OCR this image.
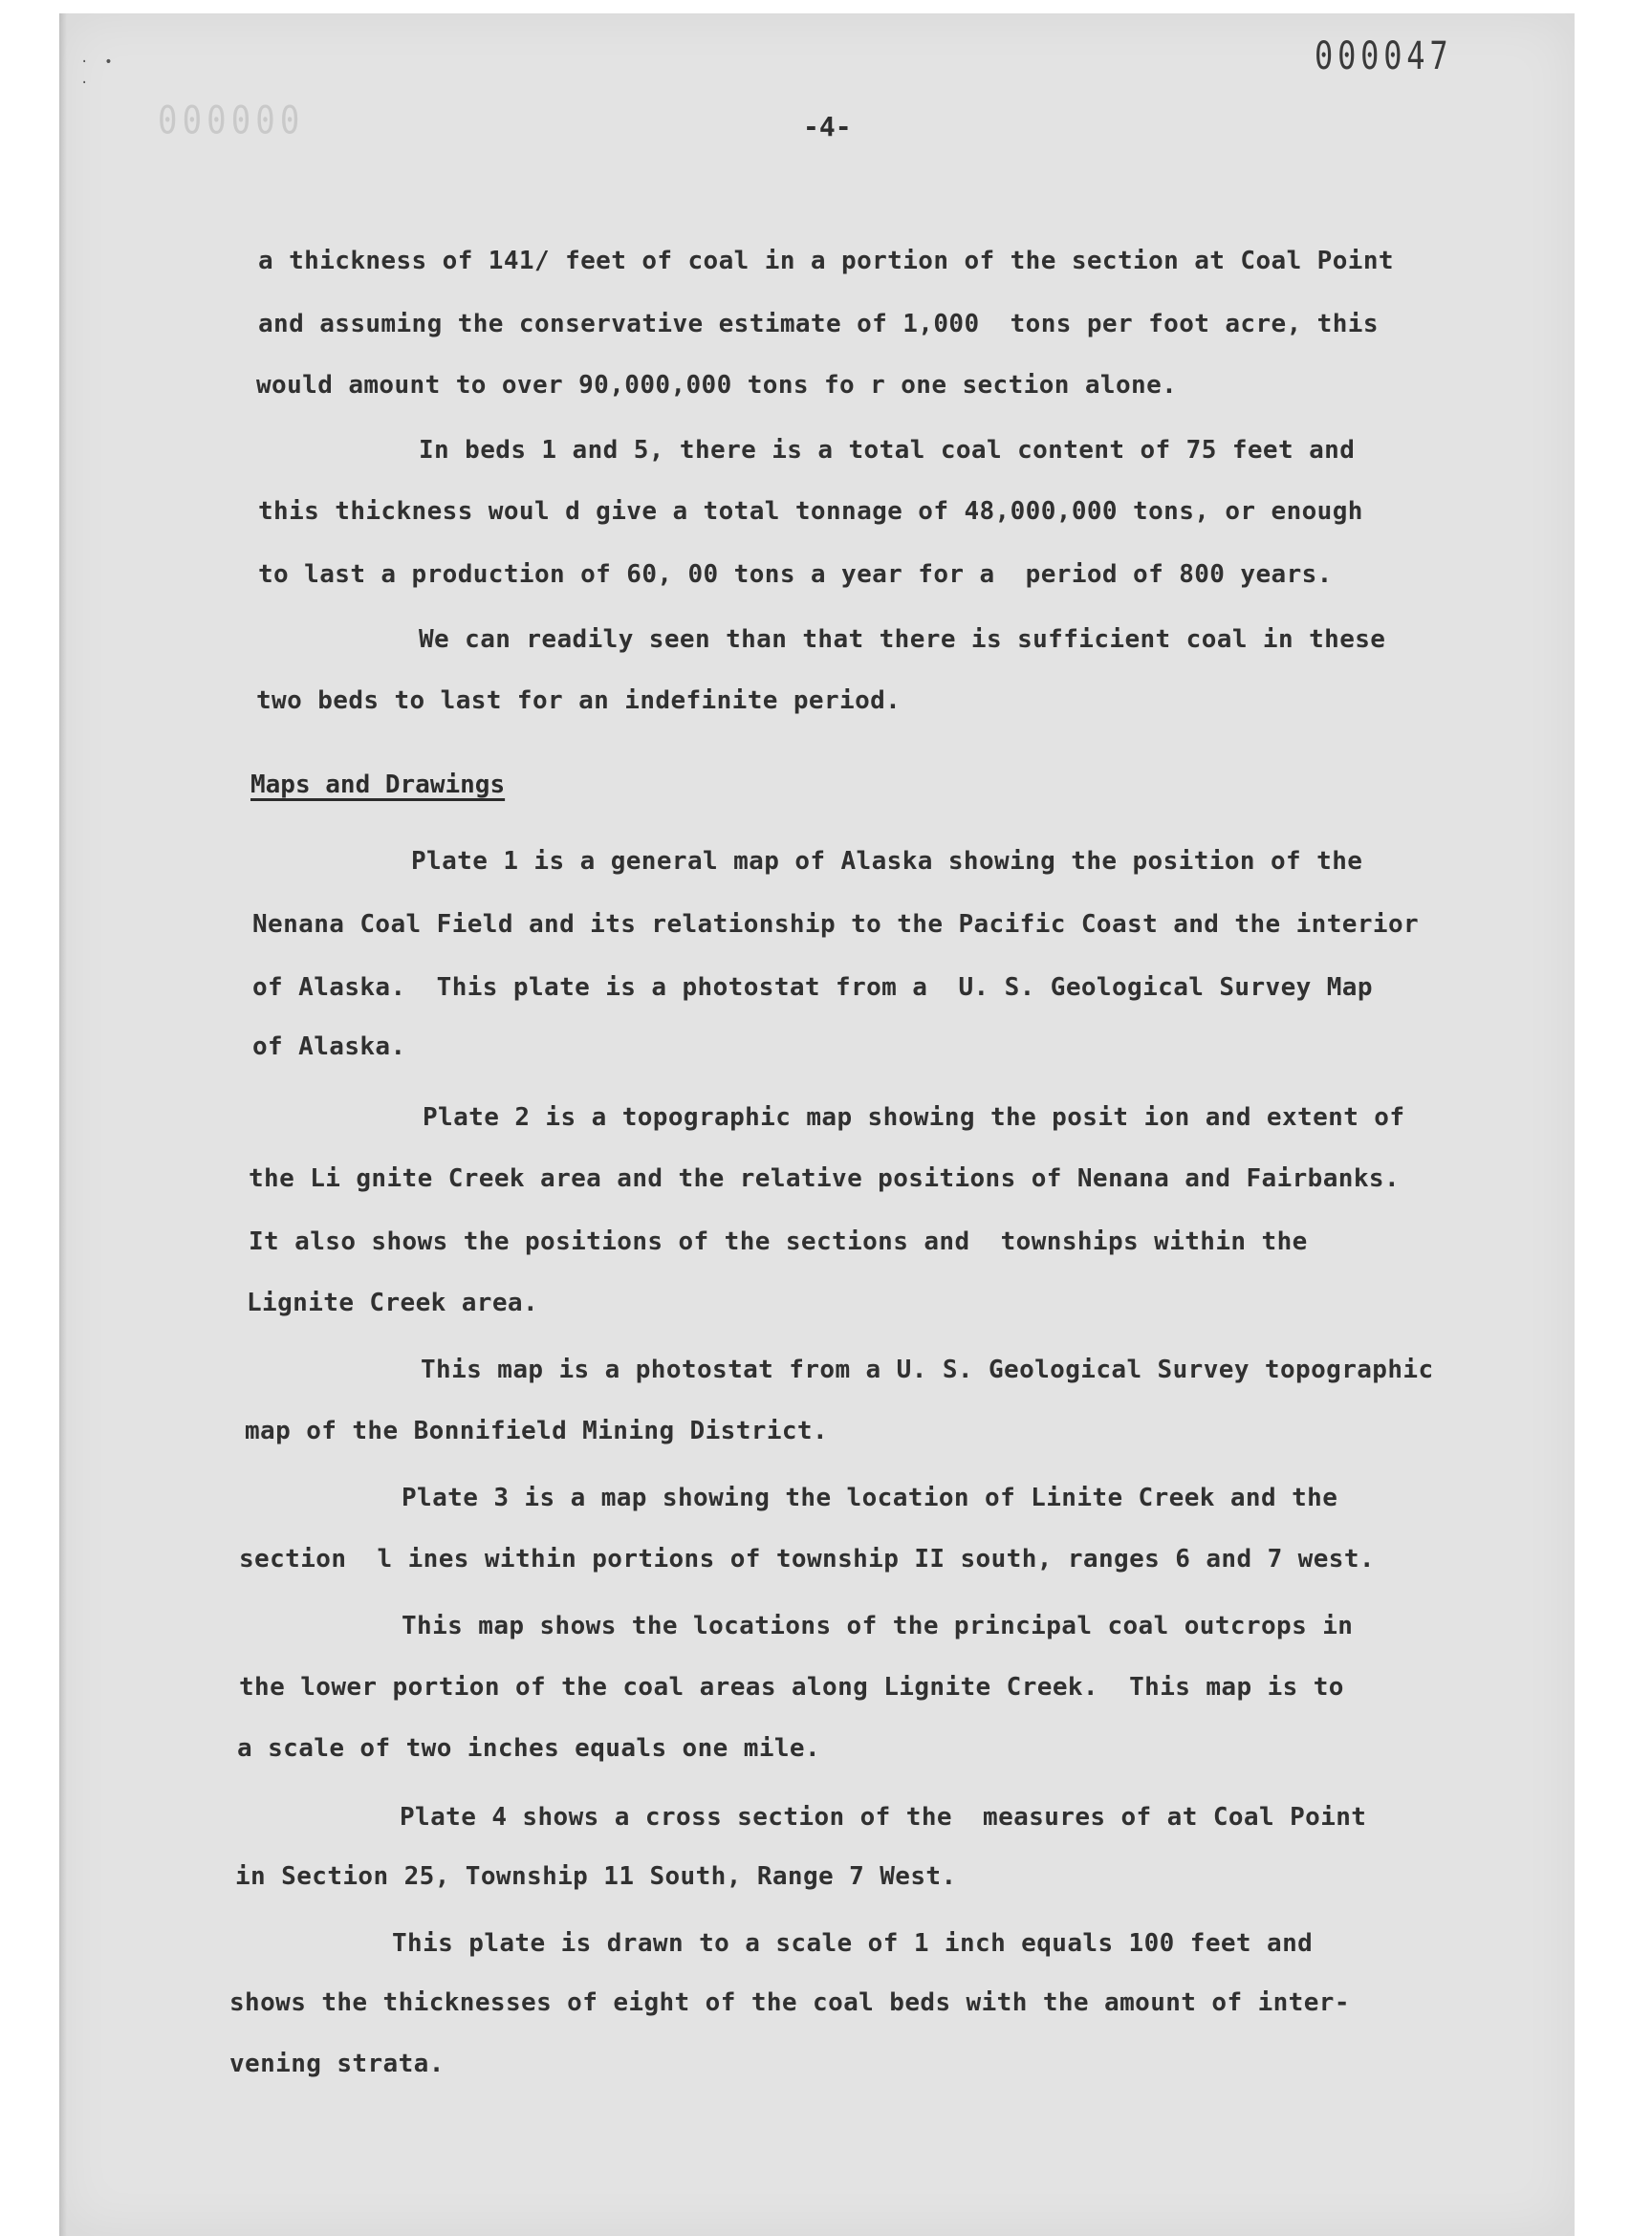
·  •
·
000047
000000	-4-
a thickness of 141/ feet of coal in a portion of the section at Coal Point
and assuming the conservative estimate of 1,000  tons per foot acre, this
would amount to over 90,000,000 tons fo r one section alone.
In beds 1 and 5, there is a total coal content of 75 feet and
this thickness woul d give a total tonnage of 48,000,000 tons, or enough
to last a production of 60, 00 tons a year for a  period of 800 years.
We can readily seen than that there is sufficient coal in these
two beds to last for an indefinite period.
Maps and Drawings
Plate 1 is a general map of Alaska showing the position of the
Nenana Coal Field and its relationship to the Pacific Coast and the interior
of Alaska.  This plate is a photostat from a  U. S. Geological Survey Map
of Alaska.
Plate 2 is a topographic map showing the posit ion and extent of
the Li gnite Creek area and the relative positions of Nenana and Fairbanks.
It also shows the positions of the sections and  townships within the
Lignite Creek area.
This map is a photostat from a U. S. Geological Survey topographic
map of the Bonnifield Mining District.
Plate 3 is a map showing the location of Linite Creek and the
section  l ines within portions of township II south, ranges 6 and 7 west.
This map shows the locations of the principal coal outcrops in
the lower portion of the coal areas along Lignite Creek.  This map is to
a scale of two inches equals one mile.
Plate 4 shows a cross section of the  measures of at Coal Point
in Section 25, Township 11 South, Range 7 West.
This plate is drawn to a scale of 1 inch equals 100 feet and
shows the thicknesses of eight of the coal beds with the amount of inter-
vening strata.
